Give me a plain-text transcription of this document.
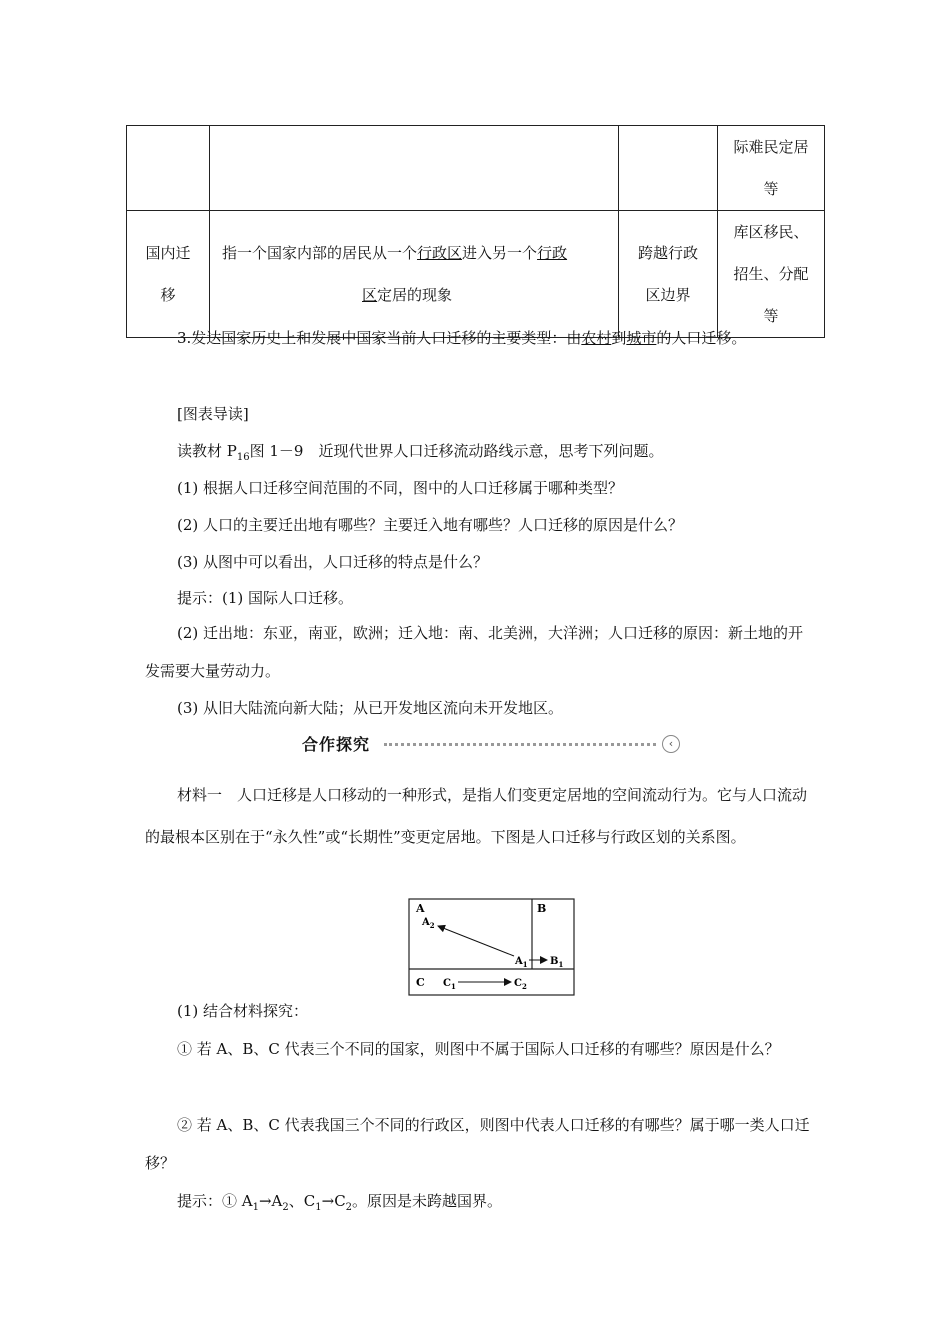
			际难民定居
等
国内迁
移	指一个国家内部的居民从一个行政区进入另一个行政
区定居的现象	跨越行政
区边界	库区移民、
招生、分配
等

3.发达国家历史上和发展中国家当前人口迁移的主要类型：由农村到城市的人口迁移。

[图表导读]

读教材 $P_{16}$图 1－9　近现代世界人口迁移流动路线示意，思考下列问题。

(1) 根据人口迁移空间范围的不同，图中的人口迁移属于哪种类型？

(2) 人口的主要迁出地有哪些？主要迁入地有哪些？人口迁移的原因是什么？

(3) 从图中可以看出，人口迁移的特点是什么？

提示：(1) 国际人口迁移。

(2) 迁出地：东亚，南亚，欧洲；迁入地：南、北美洲，大洋洲；人口迁移的原因：新土地的开发需要大量劳动力。

(3) 从旧大陆流向新大陆；从已开发地区流向未开发地区。

合作探究	‹

材料一　人口迁移是人口移动的一种形式，是指人们变更定居地的空间流动行为。它与人口流动的最根本区别在于“永久性”或“长期性”变更定居地。下图是人口迁移与行政区划的关系图。

A	B
C
$A_2$
$A_1$ $B_1$
$C_1$	$C_2$

(1) 结合材料探究：

① 若 A、B、C 代表三个不同的国家，则图中不属于国际人口迁移的有哪些？原因是什么？

② 若 A、B、C 代表我国三个不同的行政区，则图中代表人口迁移的有哪些？属于哪一类人口迁移？

提示：① $A_1\to A_2$、$C_1\to C_2$。原因是未跨越国界。
